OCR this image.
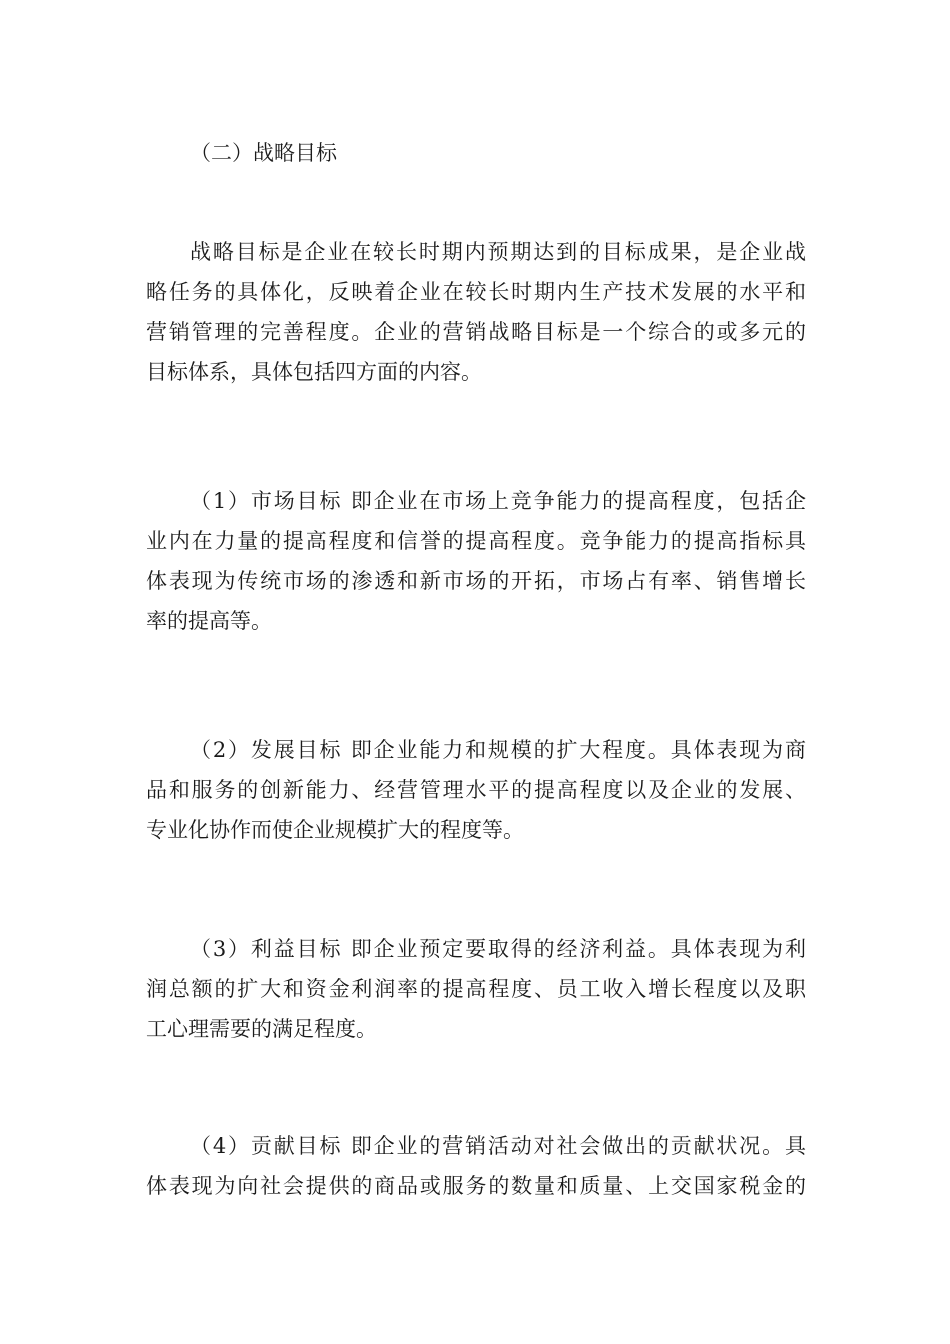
（二）战略目标

战略目标是企业在较长时期内预期达到的目标成果，是企业战
略任务的具体化，反映着企业在较长时期内生产技术发展的水平和
营销管理的完善程度。企业的营销战略目标是一个综合的或多元的
目标体系，具体包括四方面的内容。

（1）市场目标 即企业在市场上竞争能力的提高程度，包括企
业内在力量的提高程度和信誉的提高程度。竞争能力的提高指标具
体表现为传统市场的渗透和新市场的开拓，市场占有率、销售增长
率的提高等。

（2）发展目标 即企业能力和规模的扩大程度。具体表现为商
品和服务的创新能力、经营管理水平的提高程度以及企业的发展、
专业化协作而使企业规模扩大的程度等。

（3）利益目标 即企业预定要取得的经济利益。具体表现为利
润总额的扩大和资金利润率的提高程度、员工收入增长程度以及职
工心理需要的满足程度。

（4）贡献目标 即企业的营销活动对社会做出的贡献状况。具
体表现为向社会提供的商品或服务的数量和质量、上交国家税金的
